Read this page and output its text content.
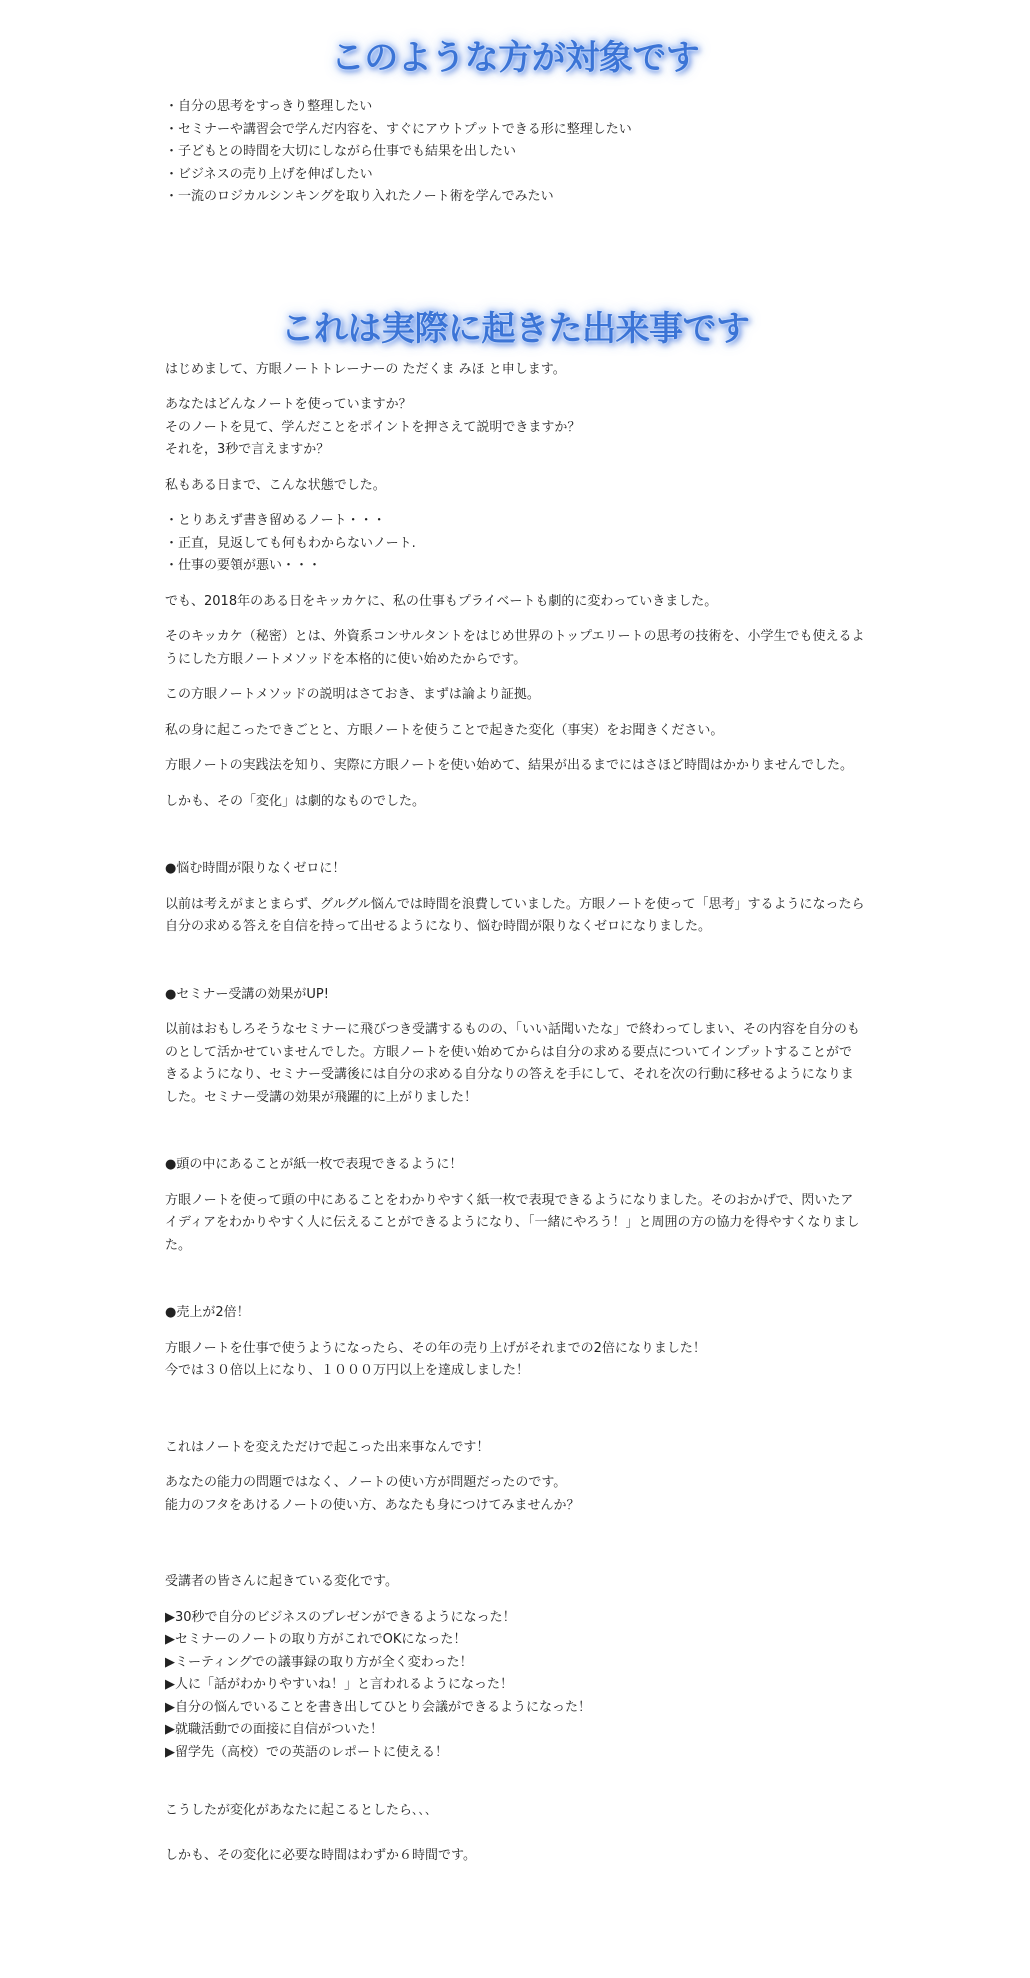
このような方が対象です

・自分の思考をすっきり整理したい

・セミナーや講習会で学んだ内容を、すぐにアウトプットできる形に整理したい

・子どもとの時間を大切にしながら仕事でも結果を出したい

・ビジネスの売り上げを伸ばしたい

・一流のロジカルシンキングを取り入れたノート術を学んでみたい

これは実際に起きた出来事です

はじめまして、方眼ノートトレーナーの ただくま みほ と申します。

あなたはどんなノートを使っていますか？
そのノートを見て、学んだことをポイントを押さえて説明できますか？
それを，3秒で言えますか？

私もある日まで、こんな状態でした。

・とりあえず書き留めるノート・・・
・正直，見返しても何もわからないノート.
・仕事の要領が悪い・・・

でも、2018年のある日をキッカケに、私の仕事もプライベートも劇的に変わっていきました。

そのキッカケ（秘密）とは、外資系コンサルタントをはじめ世界のトップエリートの思考の技術を、小学生でも使えるようにした方眼ノートメソッドを本格的に使い始めたからです。

この方眼ノートメソッドの説明はさておき、まずは論より証拠。

私の身に起こったできごとと、方眼ノートを使うことで起きた変化（事実）をお聞きください。

方眼ノートの実践法を知り、実際に方眼ノートを使い始めて、結果が出るまでにはさほど時間はかかりませんでした。

しかも、その「変化」は劇的なものでした。

●悩む時間が限りなくゼロに！

以前は考えがまとまらず、グルグル悩んでは時間を浪費していました。方眼ノートを使って「思考」するようになったら自分の求める答えを自信を持って出せるようになり、悩む時間が限りなくゼロになりました。

●セミナー受講の効果がUP!

以前はおもしろそうなセミナーに飛びつき受講するものの、「いい話聞いたな」で終わってしまい、その内容を自分のものとして活かせていませんでした。方眼ノートを使い始めてからは自分の求める要点についてインプットすることができるようになり、セミナー受講後には自分の求める自分なりの答えを手にして、それを次の行動に移せるようになりました。セミナー受講の効果が飛躍的に上がりました！

●頭の中にあることが紙一枚で表現できるように！

方眼ノートを使って頭の中にあることをわかりやすく紙一枚で表現できるようになりました。そのおかげで、閃いたアイディアをわかりやすく人に伝えることができるようになり、「一緒にやろう！」と周囲の方の協力を得やすくなりました。

●売上が2倍！

方眼ノートを仕事で使うようになったら、その年の売り上げがそれまでの2倍になりました！
今では３０倍以上になり、１０００万円以上を達成しました！

これはノートを変えただけで起こった出来事なんです！

あなたの能力の問題ではなく、ノートの使い方が問題だったのです。
能力のフタをあけるノートの使い方、あなたも身につけてみませんか？

受講者の皆さんに起きている変化です。

▶30秒で自分のビジネスのプレゼンができるようになった！
▶セミナーのノートの取り方がこれでOKになった！
▶ミーティングでの議事録の取り方が全く変わった！
▶人に「話がわかりやすいね！」と言われるようになった！
▶自分の悩んでいることを書き出してひとり会議ができるようになった！
▶就職活動での面接に自信がついた！
▶留学先（高校）での英語のレポートに使える！

こうしたが変化があなたに起こるとしたら､､､

しかも、その変化に必要な時間はわずか６時間です。
